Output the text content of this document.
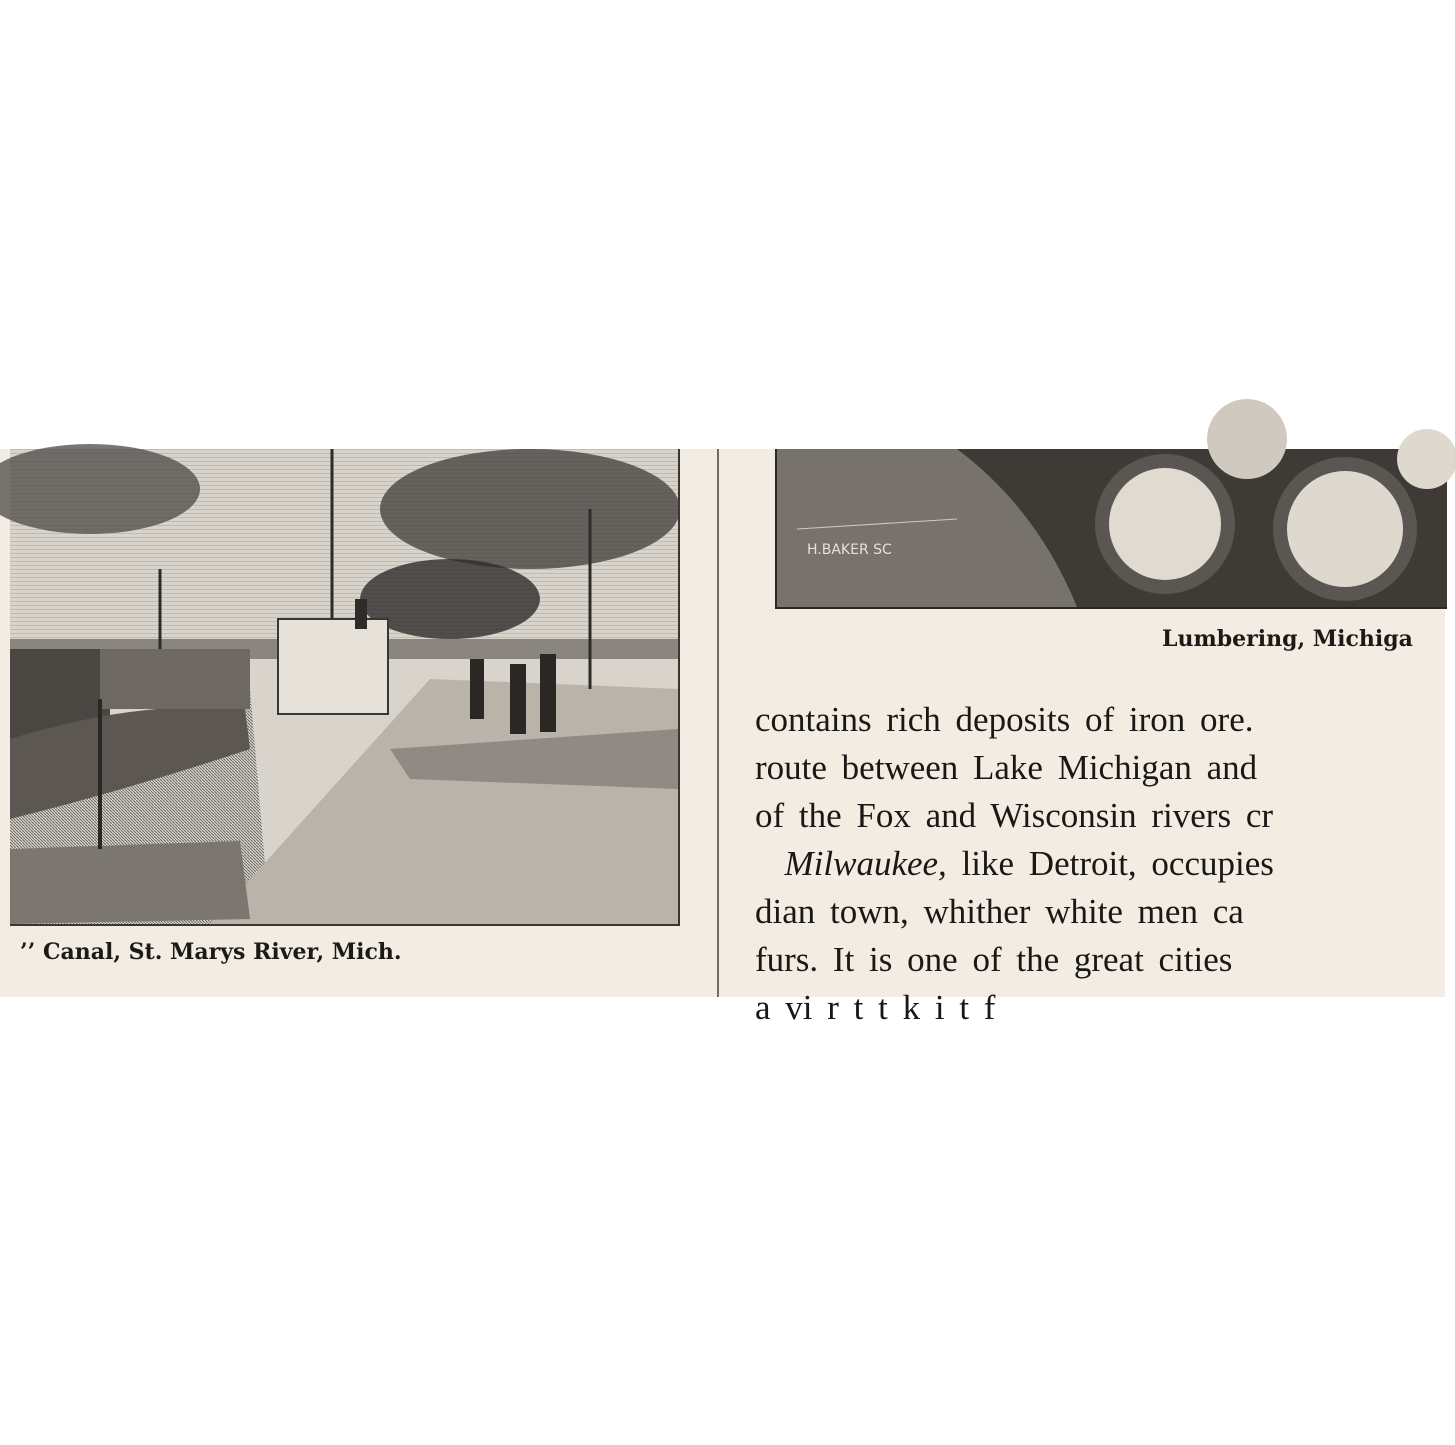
H.BAKER SC
’’ Canal, St. Marys River, Mich.
Lumbering, Michiga
contains rich deposits of iron ore.
route between Lake Michigan and
of the Fox and Wisconsin rivers cr
Milwaukee, like Detroit, occupies
dian town, whither white men ca
furs. It is one of the great cities
a vi r t t k i t f
